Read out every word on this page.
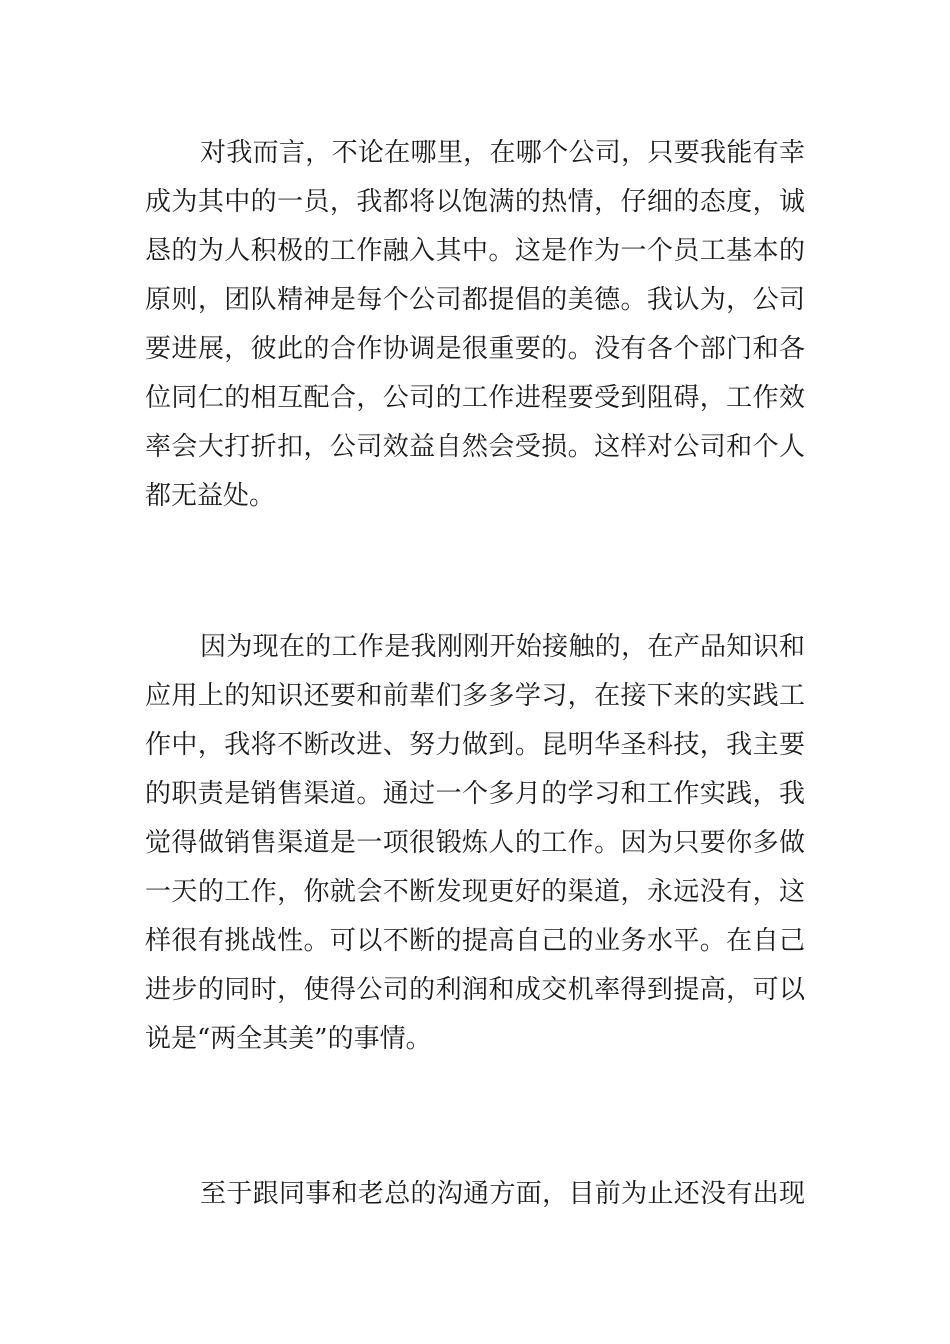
对我而言，不论在哪里，在哪个公司，只要我能有幸
成为其中的一员，我都将以饱满的热情，仔细的态度，诚
恳的为人积极的工作融入其中。这是作为一个员工基本的
原则，团队精神是每个公司都提倡的美德。我认为，公司
要进展，彼此的合作协调是很重要的。没有各个部门和各
位同仁的相互配合，公司的工作进程要受到阻碍，工作效
率会大打折扣，公司效益自然会受损。这样对公司和个人
都无益处。

因为现在的工作是我刚刚开始接触的，在产品知识和
应用上的知识还要和前辈们多多学习，在接下来的实践工
作中，我将不断改进、努力做到。昆明华圣科技，我主要
的职责是销售渠道。通过一个多月的学习和工作实践，我
觉得做销售渠道是一项很锻炼人的工作。因为只要你多做
一天的工作，你就会不断发现更好的渠道，永远没有，这
样很有挑战性。可以不断的提高自己的业务水平。在自己
进步的同时，使得公司的利润和成交机率得到提高，可以
说是“两全其美”的事情。

至于跟同事和老总的沟通方面，目前为止还没有出现
